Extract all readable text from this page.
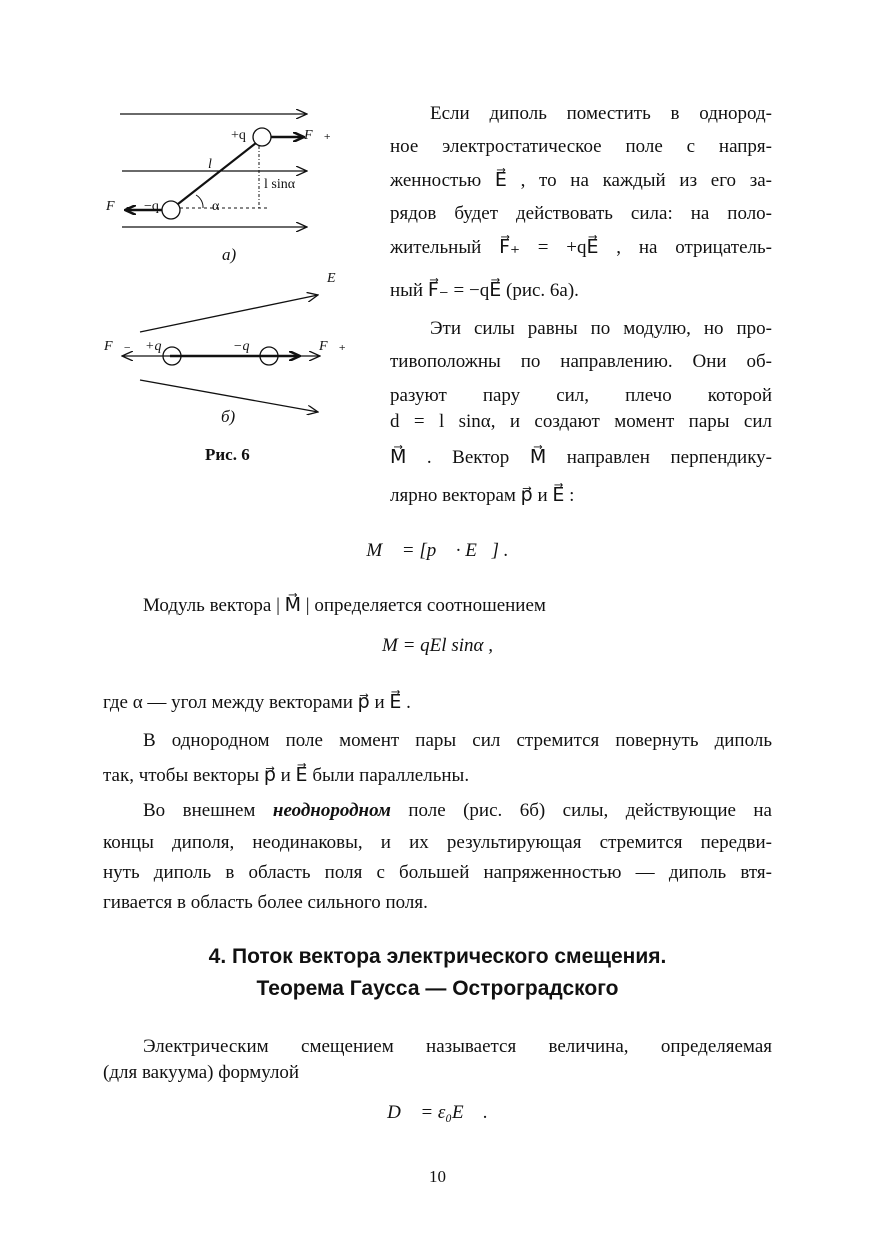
+q	F⃗₊
l
l sinα
F⃗₋ −q	α
а)
E⃗
F⃗₋ +q	−q	F⃗₊
б)
Рис. 6
Если диполь поместить в однород-
ное электростатическое поле с напря-
женностью E⃗ , то на каждый из его за-
рядов будет действовать сила: на поло-
жительный F⃗₊ = +qE⃗ , на отрицатель-
ный F⃗₋ = −qE⃗ (рис. 6а).
Эти силы равны по модулю, но про-
тивоположны по направлению. Они об-
разуют пару сил, плечо которой
d = l sinα, и создают момент пары сил
M⃗ . Вектор M⃗ направлен перпендику-
лярно векторам p⃗ и E⃗ :
M⃗ = [p⃗ · E⃗] .
Модуль вектора | M⃗ | определяется соотношением
M = qEl sinα ,
где α — угол между векторами p⃗ и E⃗ .
В однородном поле момент пары сил стремится повернуть диполь
так, чтобы векторы p⃗ и E⃗ были параллельны.
Во внешнем неоднородном поле (рис. 6б) силы, действующие на
концы диполя, неодинаковы, и их результирующая стремится передви-
нуть диполь в область поля с большей напряженностью — диполь втя-
гивается в область более сильного поля.
4. Поток вектора электрического смещения.
Теорема Гаусса — Остроградского
Электрическим смещением называется величина, определяемая
(для вакуума) формулой
D⃗ = ε₀E⃗ .
10
